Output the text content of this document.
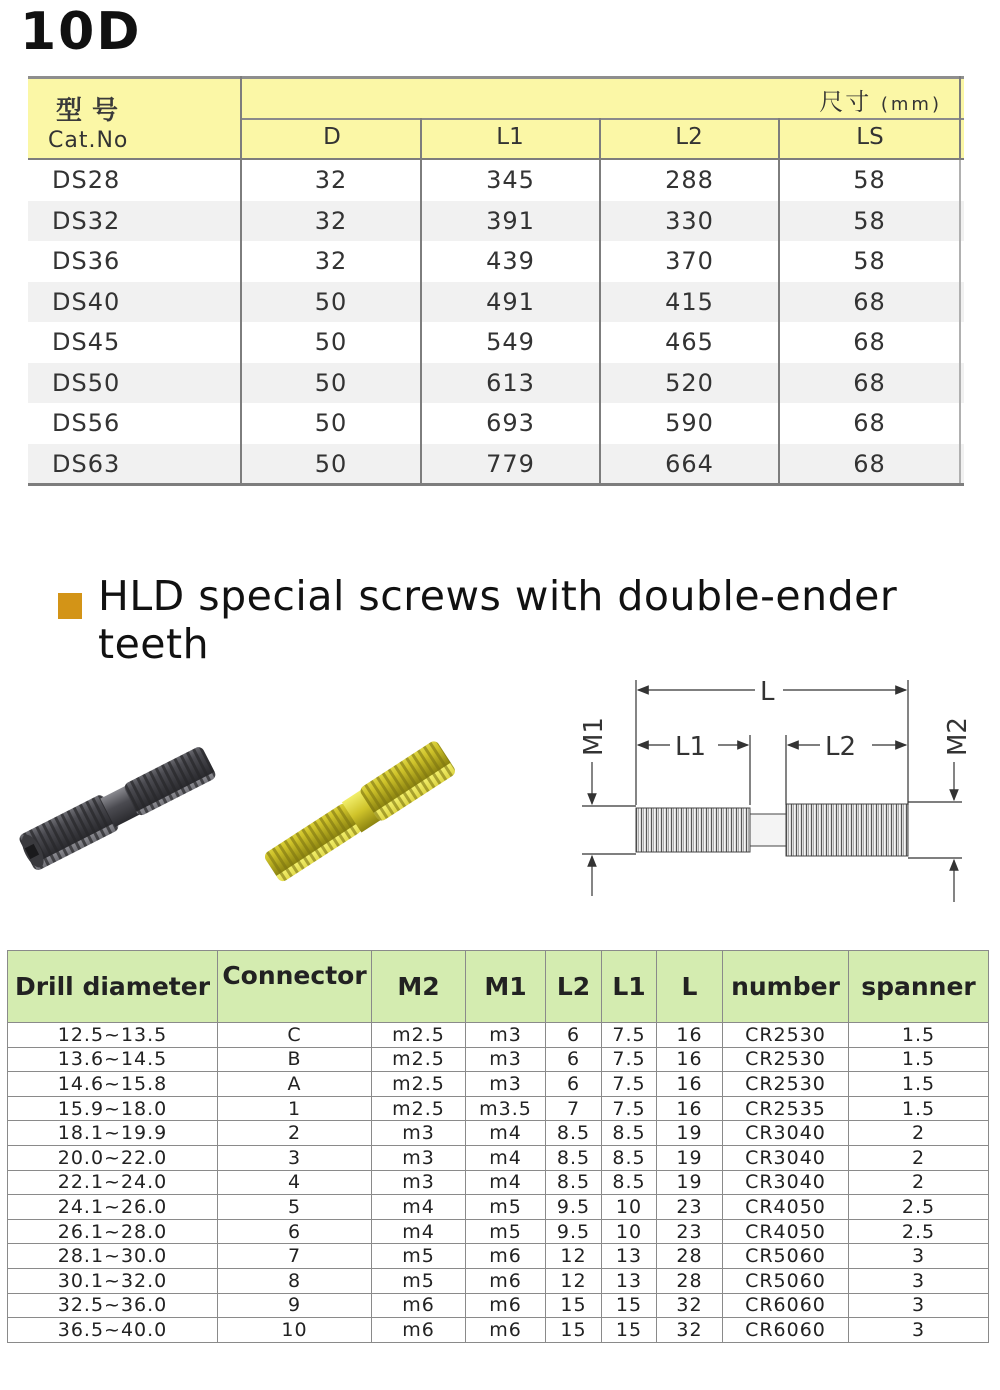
10D
型号
Cat.No
尺寸 (mm)
D	L1	L2	LS
DS28	32	345	288	58
DS32	32	391	330	58
DS36	32	439	370	58
DS40	50	491	415	68
DS45	50	549	465	68
DS50	50	613	520	68
DS56	50	693	590	68
DS63	50	779	664	68
HLD special screws with double-ender teeth
L
L1	L2
M1	M2
Drill diameter	Connector	M2	M1	L2	L1	L	number	spanner
12.5~13.5	C	m2.5	m3	6	7.5	16	CR2530	1.5
13.6~14.5	B	m2.5	m3	6	7.5	16	CR2530	1.5
14.6~15.8	A	m2.5	m3	6	7.5	16	CR2530	1.5
15.9~18.0	1	m2.5	m3.5	7	7.5	16	CR2535	1.5
18.1~19.9	2	m3	m4	8.5	8.5	19	CR3040	2
20.0~22.0	3	m3	m4	8.5	8.5	19	CR3040	2
22.1~24.0	4	m3	m4	8.5	8.5	19	CR3040	2
24.1~26.0	5	m4	m5	9.5	10	23	CR4050	2.5
26.1~28.0	6	m4	m5	9.5	10	23	CR4050	2.5
28.1~30.0	7	m5	m6	12	13	28	CR5060	3
30.1~32.0	8	m5	m6	12	13	28	CR5060	3
32.5~36.0	9	m6	m6	15	15	32	CR6060	3
36.5~40.0	10	m6	m6	15	15	32	CR6060	3
